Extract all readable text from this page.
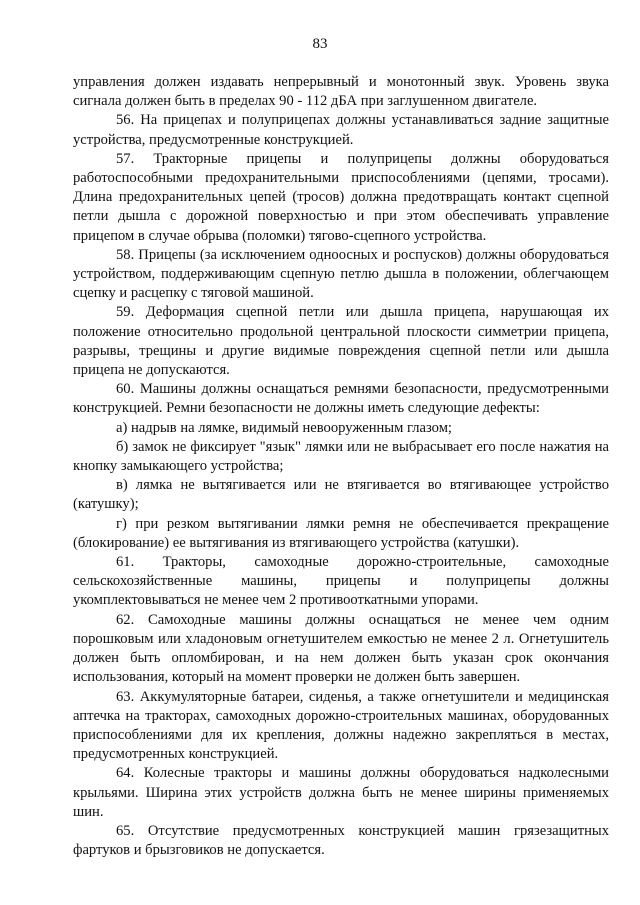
83

управления должен издавать непрерывный и монотонный звук. Уровень звука сигнала должен быть в пределах 90 - 112 дБА при заглушенном двигателе.

56. На прицепах и полуприцепах должны устанавливаться задние защитные устройства, предусмотренные конструкцией.

57. Тракторные прицепы и полуприцепы должны оборудоваться работоспособными предохранительными приспособлениями (цепями, тросами). Длина предохранительных цепей (тросов) должна предотвращать контакт сцепной петли дышла с дорожной поверхностью и при этом обеспечивать управление прицепом в случае обрыва (поломки) тягово-сцепного устройства.

58. Прицепы (за исключением одноосных и роспусков) должны оборудоваться устройством, поддерживающим сцепную петлю дышла в положении, облегчающем сцепку и расцепку с тяговой машиной.

59. Деформация сцепной петли или дышла прицепа, нарушающая их положение относительно продольной центральной плоскости симметрии прицепа, разрывы, трещины и другие видимые повреждения сцепной петли или дышла прицепа не допускаются.

60. Машины должны оснащаться ремнями безопасности, предусмотренными конструкцией. Ремни безопасности не должны иметь следующие дефекты:

а) надрыв на лямке, видимый невооруженным глазом;

б) замок не фиксирует "язык" лямки или не выбрасывает его после нажатия на кнопку замыкающего устройства;

в) лямка не вытягивается или не втягивается во втягивающее устройство (катушку);

г) при резком вытягивании лямки ремня не обеспечивается прекращение (блокирование) ее вытягивания из втягивающего устройства (катушки).

61. Тракторы, самоходные дорожно-строительные, самоходные сельскохозяйственные машины, прицепы и полуприцепы должны укомплектовываться не менее чем 2 противооткатными упорами.

62. Самоходные машины должны оснащаться не менее чем одним порошковым или хладоновым огнетушителем емкостью не менее 2 л. Огнетушитель должен быть опломбирован, и на нем должен быть указан срок окончания использования, который на момент проверки не должен быть завершен.

63. Аккумуляторные батареи, сиденья, а также огнетушители и медицинская аптечка на тракторах, самоходных дорожно-строительных машинах, оборудованных приспособлениями для их крепления, должны надежно закрепляться в местах, предусмотренных конструкцией.

64. Колесные тракторы и машины должны оборудоваться надколесными крыльями. Ширина этих устройств должна быть не менее ширины применяемых шин.

65. Отсутствие предусмотренных конструкцией машин грязезащитных фартуков и брызговиков не допускается.
